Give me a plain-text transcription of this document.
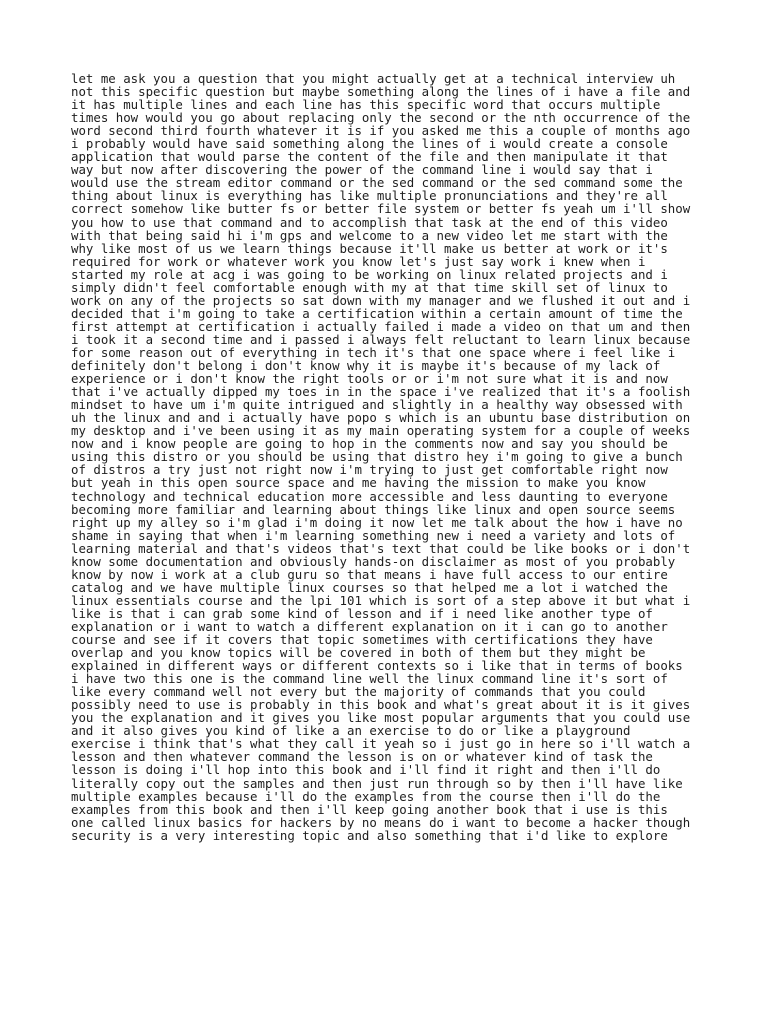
let me ask you a question that you might actually get at a technical interview uh
not this specific question but maybe something along the lines of i have a file and
it has multiple lines and each line has this specific word that occurs multiple
times how would you go about replacing only the second or the nth occurrence of the
word second third fourth whatever it is if you asked me this a couple of months ago
i probably would have said something along the lines of i would create a console
application that would parse the content of the file and then manipulate it that
way but now after discovering the power of the command line i would say that i
would use the stream editor command or the sed command or the sed command some the
thing about linux is everything has like multiple pronunciations and they're all
correct somehow like butter fs or better file system or better fs yeah um i'll show
you how to use that command and to accomplish that task at the end of this video
with that being said hi i'm gps and welcome to a new video let me start with the
why like most of us we learn things because it'll make us better at work or it's
required for work or whatever work you know let's just say work i knew when i
started my role at acg i was going to be working on linux related projects and i
simply didn't feel comfortable enough with my at that time skill set of linux to
work on any of the projects so sat down with my manager and we flushed it out and i
decided that i'm going to take a certification within a certain amount of time the
first attempt at certification i actually failed i made a video on that um and then
i took it a second time and i passed i always felt reluctant to learn linux because
for some reason out of everything in tech it's that one space where i feel like i
definitely don't belong i don't know why it is maybe it's because of my lack of
experience or i don't know the right tools or or i'm not sure what it is and now
that i've actually dipped my toes in in the space i've realized that it's a foolish
mindset to have um i'm quite intrigued and slightly in a healthy way obsessed with
uh the linux and and i actually have popo s which is an ubuntu base distribution on
my desktop and i've been using it as my main operating system for a couple of weeks
now and i know people are going to hop in the comments now and say you should be
using this distro or you should be using that distro hey i'm going to give a bunch
of distros a try just not right now i'm trying to just get comfortable right now
but yeah in this open source space and me having the mission to make you know
technology and technical education more accessible and less daunting to everyone
becoming more familiar and learning about things like linux and open source seems
right up my alley so i'm glad i'm doing it now let me talk about the how i have no
shame in saying that when i'm learning something new i need a variety and lots of
learning material and that's videos that's text that could be like books or i don't
know some documentation and obviously hands-on disclaimer as most of you probably
know by now i work at a club guru so that means i have full access to our entire
catalog and we have multiple linux courses so that helped me a lot i watched the
linux essentials course and the lpi 101 which is sort of a step above it but what i
like is that i can grab some kind of lesson and if i need like another type of
explanation or i want to watch a different explanation on it i can go to another
course and see if it covers that topic sometimes with certifications they have
overlap and you know topics will be covered in both of them but they might be
explained in different ways or different contexts so i like that in terms of books
i have two this one is the command line well the linux command line it's sort of
like every command well not every but the majority of commands that you could
possibly need to use is probably in this book and what's great about it is it gives
you the explanation and it gives you like most popular arguments that you could use
and it also gives you kind of like a an exercise to do or like a playground
exercise i think that's what they call it yeah so i just go in here so i'll watch a
lesson and then whatever command the lesson is on or whatever kind of task the
lesson is doing i'll hop into this book and i'll find it right and then i'll do
literally copy out the samples and then just run through so by then i'll have like
multiple examples because i'll do the examples from the course then i'll do the
examples from this book and then i'll keep going another book that i use is this
one called linux basics for hackers by no means do i want to become a hacker though
security is a very interesting topic and also something that i'd like to explore
